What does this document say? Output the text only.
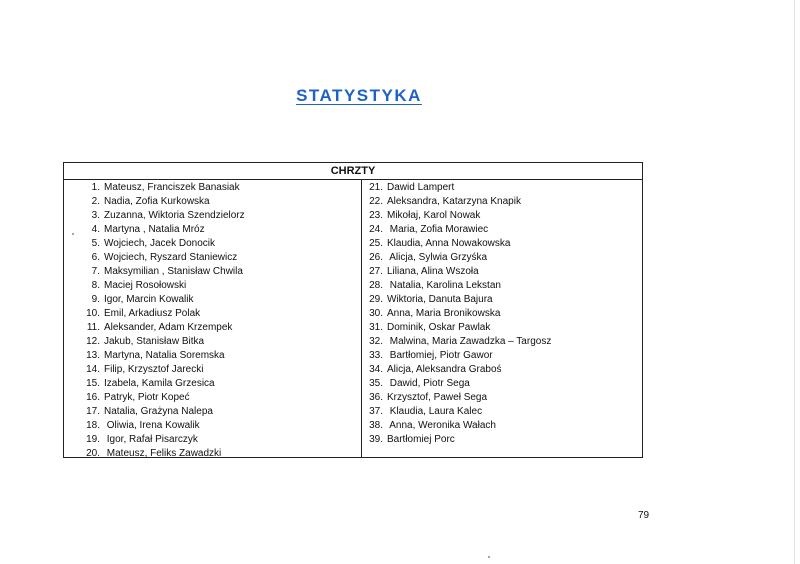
STATYSTYKA
CHRZTY
1. Mateusz, Franciszek Banasiak
2. Nadia, Zofia Kurkowska
3. Zuzanna, Wiktoria Szendzielorz
4. Martyna , Natalia Mróz
5. Wojciech, Jacek Donocik
6. Wojciech, Ryszard Staniewicz
7. Maksymilian , Stanisław Chwila
8. Maciej Rosołowski
9. Igor, Marcin Kowalik
10. Emil, Arkadiusz Polak
11. Aleksander, Adam Krzempek
12. Jakub, Stanisław Bitka
13. Martyna, Natalia Soremska
14. Filip, Krzysztof Jarecki
15. Izabela, Kamila Grzesica
16. Patryk, Piotr Kopeć
17. Natalia, Grażyna Nalepa
18. Oliwia, Irena Kowalik
19. Igor, Rafał Pisarczyk
20. Mateusz, Feliks Zawadzki
21. Dawid Lampert
22. Aleksandra, Katarzyna Knapik
23. Mikołaj, Karol Nowak
24. Maria, Zofia Morawiec
25. Klaudia, Anna Nowakowska
26. Alicja, Sylwia Grzyśka
27. Liliana, Alina Wszoła
28. Natalia, Karolina Lekstan
29. Wiktoria, Danuta Bajura
30. Anna, Maria Bronikowska
31. Dominik, Oskar Pawlak
32. Malwina, Maria Zawadzka – Targosz
33. Bartłomiej, Piotr Gawor
34. Alicja, Aleksandra Graboś
35. Dawid, Piotr Sega
36. Krzysztof, Paweł Sega
37. Klaudia, Laura Kalec
38. Anna, Weronika Wałach
39. Bartłomiej Porc
79
